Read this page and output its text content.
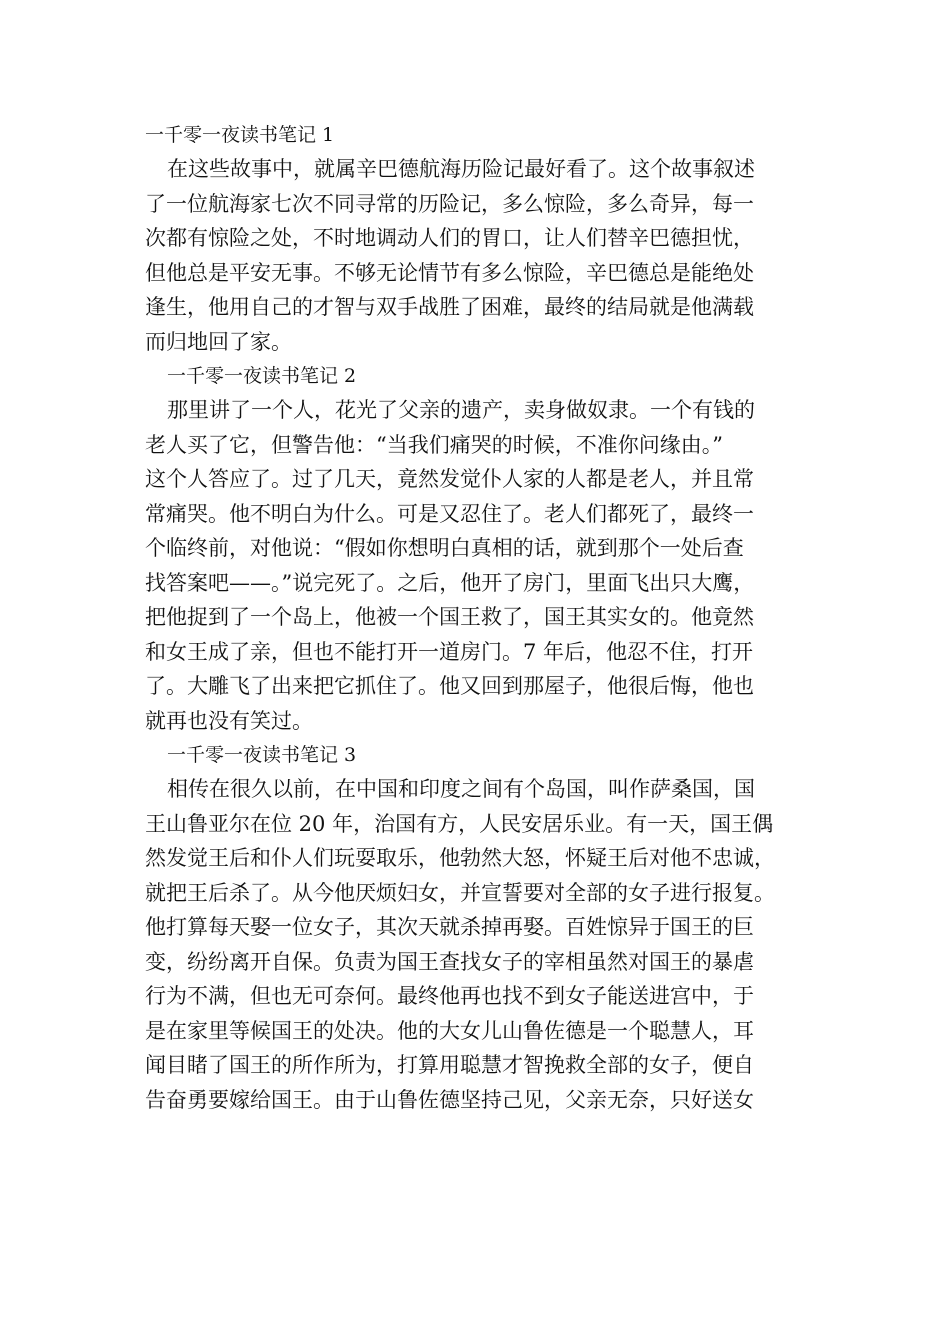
一千零一夜读书笔记 1
在这些故事中，就属辛巴德航海历险记最好看了。这个故事叙述
了一位航海家七次不同寻常的历险记，多么惊险，多么奇异，每一
次都有惊险之处，不时地调动人们的胃口，让人们替辛巴德担忧，
但他总是平安无事。不够无论情节有多么惊险，辛巴德总是能绝处
逢生，他用自己的才智与双手战胜了困难，最终的结局就是他满载
而归地回了家。
一千零一夜读书笔记 2
那里讲了一个人，花光了父亲的遗产，卖身做奴隶。一个有钱的
老人买了它，但警告他：“当我们痛哭的时候，不准你问缘由。”
这个人答应了。过了几天，竟然发觉仆人家的人都是老人，并且常
常痛哭。他不明白为什么。可是又忍住了。老人们都死了，最终一
个临终前，对他说：“假如你想明白真相的话，就到那个一处后查
找答案吧——。”说完死了。之后，他开了房门，里面飞出只大鹰，
把他捉到了一个岛上，他被一个国王救了，国王其实女的。他竟然
和女王成了亲，但也不能打开一道房门。7 年后，他忍不住，打开
了。大雕飞了出来把它抓住了。他又回到那屋子，他很后悔，他也
就再也没有笑过。
一千零一夜读书笔记 3
相传在很久以前，在中国和印度之间有个岛国，叫作萨桑国，国
王山鲁亚尔在位 20 年，治国有方，人民安居乐业。有一天，国王偶
然发觉王后和仆人们玩耍取乐，他勃然大怒，怀疑王后对他不忠诚，
就把王后杀了。从今他厌烦妇女，并宣誓要对全部的女子进行报复。
他打算每天娶一位女子，其次天就杀掉再娶。百姓惊异于国王的巨
变，纷纷离开自保。负责为国王查找女子的宰相虽然对国王的暴虐
行为不满，但也无可奈何。最终他再也找不到女子能送进宫中，于
是在家里等候国王的处决。他的大女儿山鲁佐德是一个聪慧人，耳
闻目睹了国王的所作所为，打算用聪慧才智挽救全部的女子，便自
告奋勇要嫁给国王。由于山鲁佐德坚持己见，父亲无奈，只好送女
